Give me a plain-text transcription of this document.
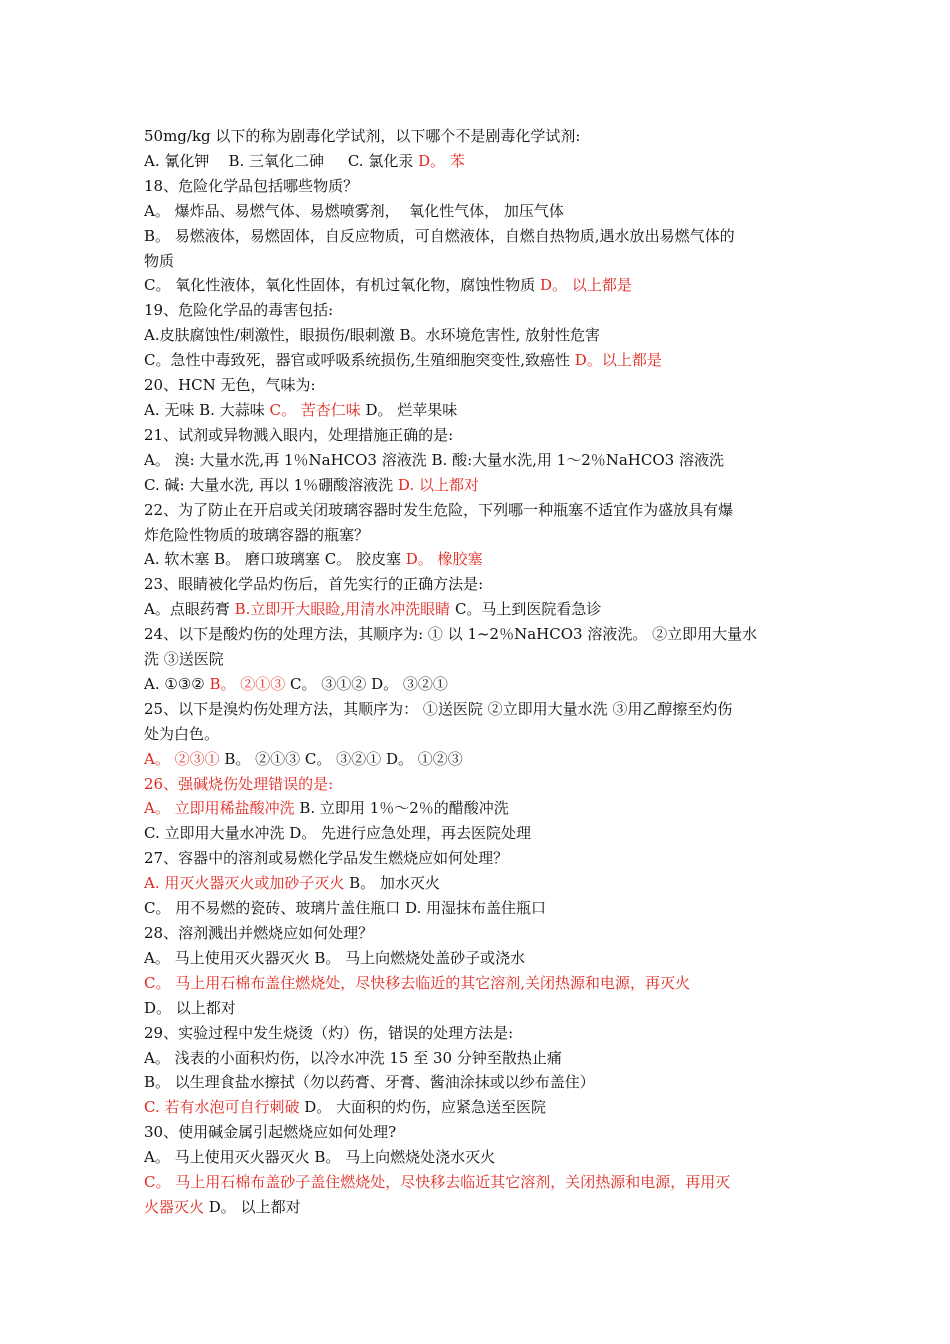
50mg/kg 以下的称为剧毒化学试剂，以下哪个不是剧毒化学试剂:
A. 氰化钾    B. 三氧化二砷     C. 氯化汞 D。 苯
18、危险化学品包括哪些物质？
A。 爆炸品、易燃气体、易燃喷雾剂，  氧化性气体， 加压气体
B。 易燃液体，易燃固体，自反应物质，可自燃液体，自燃自热物质,遇水放出易燃气体的
物质
C。 氧化性液体，氧化性固体，有机过氧化物，腐蚀性物质 D。 以上都是
19、危险化学品的毒害包括:
A.皮肤腐蚀性/刺激性，眼损伤/眼刺激 B。水环境危害性, 放射性危害
C。急性中毒致死，器官或呼吸系统损伤,生殖细胞突变性,致癌性 D。以上都是
20、HCN 无色，气味为:
A. 无味 B. 大蒜味 C。 苦杏仁味 D。 烂苹果味
21、试剂或异物溅入眼内，处理措施正确的是:
A。 溴: 大量水洗,再 1％NaHCO3 溶液洗 B. 酸:大量水洗,用 1～2％NaHCO3 溶液洗
C. 碱: 大量水洗, 再以 1％硼酸溶液洗 D. 以上都对
22、为了防止在开启或关闭玻璃容器时发生危险，下列哪一种瓶塞不适宜作为盛放具有爆
炸危险性物质的玻璃容器的瓶塞？
A. 软木塞 B。 磨口玻璃塞 C。 胶皮塞 D。 橡胶塞
23、眼睛被化学品灼伤后，首先实行的正确方法是:
A。点眼药膏 B.立即开大眼睑,用清水冲洗眼睛 C。马上到医院看急诊
24、以下是酸灼伤的处理方法，其顺序为: ① 以 1~2％NaHCO3 溶液洗。 ②立即用大量水
洗 ③送医院
A. ①③② B。 ②①③ C。 ③①② D。 ③②①
25、以下是溴灼伤处理方法，其顺序为： ①送医院 ②立即用大量水洗 ③用乙醇擦至灼伤
处为白色。
A。 ②③① B。 ②①③ C。 ③②① D。 ①②③
26、强碱烧伤处理错误的是:
A。 立即用稀盐酸冲洗 B. 立即用 1％～2％的醋酸冲洗
C. 立即用大量水冲洗 D。 先进行应急处理，再去医院处理
27、容器中的溶剂或易燃化学品发生燃烧应如何处理？
A. 用灭火器灭火或加砂子灭火 B。 加水灭火
C。 用不易燃的瓷砖、玻璃片盖住瓶口 D. 用湿抹布盖住瓶口
28、溶剂溅出并燃烧应如何处理？
A。 马上使用灭火器灭火 B。 马上向燃烧处盖砂子或浇水
C。 马上用石棉布盖住燃烧处，尽快移去临近的其它溶剂,关闭热源和电源，再灭火
D。 以上都对
29、实验过程中发生烧烫（灼）伤，错误的处理方法是:
A。 浅表的小面积灼伤，以冷水冲洗 15 至 30 分钟至散热止痛
B。 以生理食盐水擦拭（勿以药膏、牙膏、酱油涂抹或以纱布盖住）
C. 若有水泡可自行刺破 D。 大面积的灼伤，应紧急送至医院
30、使用碱金属引起燃烧应如何处理?
A。 马上使用灭火器灭火 B。 马上向燃烧处浇水灭火
C。 马上用石棉布盖砂子盖住燃烧处，尽快移去临近其它溶剂，关闭热源和电源，再用灭
火器灭火 D。 以上都对
